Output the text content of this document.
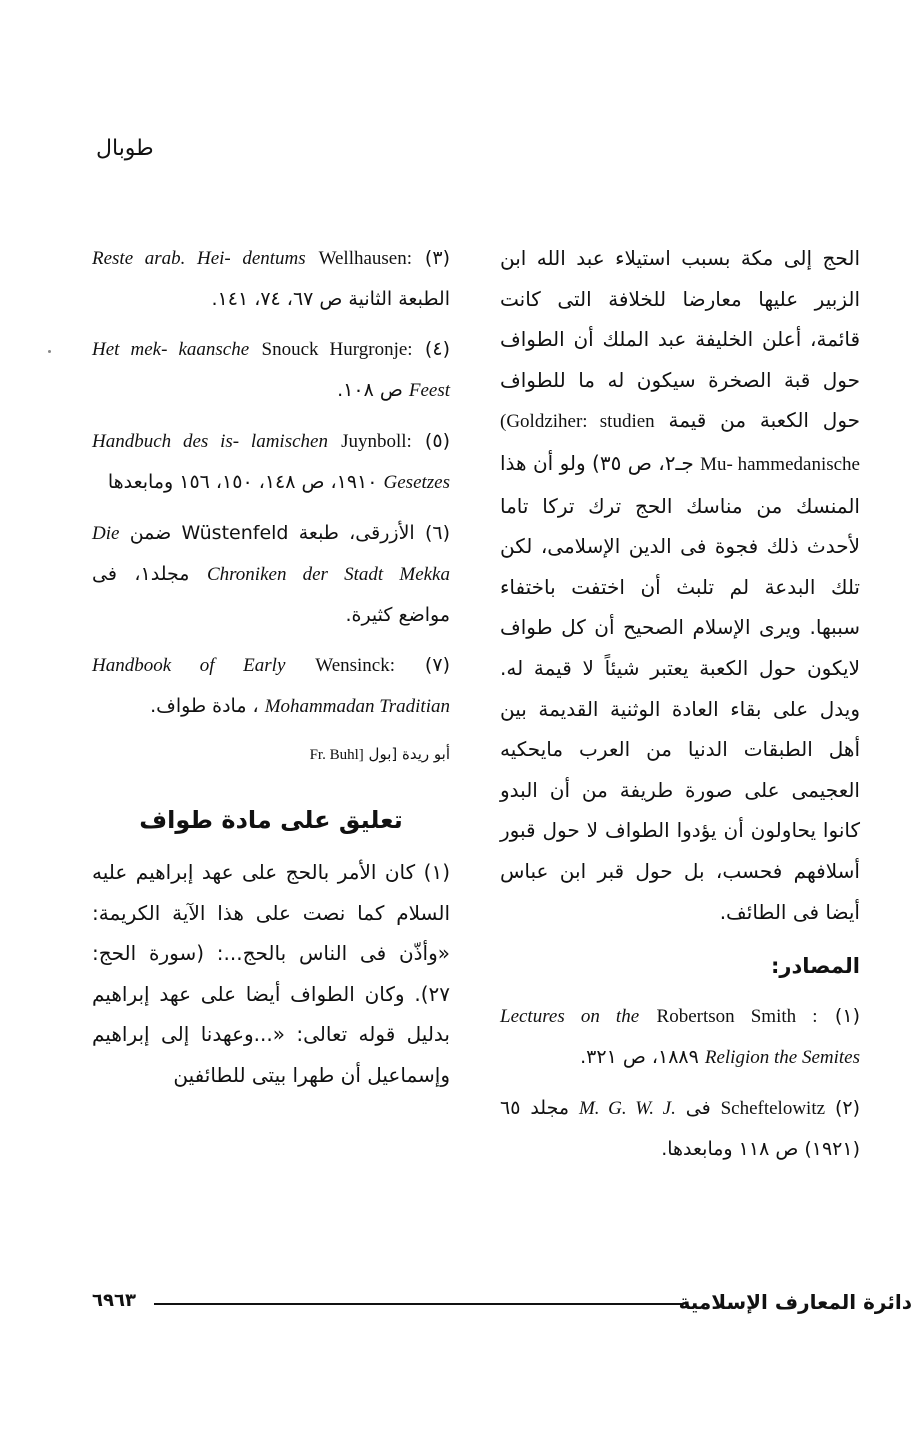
طوبال

الحج إلى مكة بسبب استيلاء عبد الله ابن الزبير عليها معارضا للخلافة التى كانت قائمة، أعلن الخليفة عبد الملك أن الطواف حول قبة الصخرة سيكون له ما للطواف حول الكعبة من قيمة (Goldziher: studien Mu- hammedanische جـ٢، ص ٣٥) ولو أن هذا المنسك من مناسك الحج ترك تركا تاما لأحدث ذلك فجوة فى الدين الإسلامى، لكن تلك البدعة لم تلبث أن اختفت باختفاء سببها. ويرى الإسلام الصحيح أن كل طواف لايكون حول الكعبة يعتبر شيئاً لا قيمة له. ويدل على بقاء العادة الوثنية القديمة بين أهل الطبقات الدنيا من العرب مايحكيه العجيمى على صورة طريفة من أن البدو كانوا يحاولون أن يؤدوا الطواف لا حول قبور أسلافهم فحسب، بل حول قبر ابن عباس أيضا فى الطائف.

المصادر:

(١) Robertson Smith : Lectures on the Religion the Semites ١٨٨٩، ص ٣٢١.

(٢) Scheftelowitz فى M. G. W. J. مجلد ٦٥ (١٩٢١) ص ١١٨ ومابعدها.

(٣) Wellhausen: Reste arab. Hei- dentums الطبعة الثانية ص ٦٧، ٧٤، ١٤١.

(٤) Snouck Hurgronje: Het mek- kaansche Feest ص ١٠٨.

(٥) Juynboll: Handbuch des is- lamischen Gesetzes ١٩١٠، ص ١٤٨، ١٥٠، ١٥٦ ومابعدها

(٦) الأزرقى، طبعة Wüstenfeld ضمن Die Chroniken der Stadt Mekka مجلد١، فى مواضع كثيرة.

(٧) Wensinck: Handbook of Early Mohammadan Traditian ، مادة طواف.

أبو ريدة [بول Fr. Buhl]
تعليق على مادة طواف

(١) كان الأمر بالحج على عهد إبراهيم عليه السلام كما نصت على هذا الآية الكريمة: «وأذّن فى الناس بالحج...: (سورة الحج: ٢٧). وكان الطواف أيضا على عهد إبراهيم بدليل قوله تعالى: «...وعهدنا إلى إبراهيم وإسماعيل أن طهرا بيتى للطائفين

دائرة المعارف الإسلامية
٦٩٦٣
